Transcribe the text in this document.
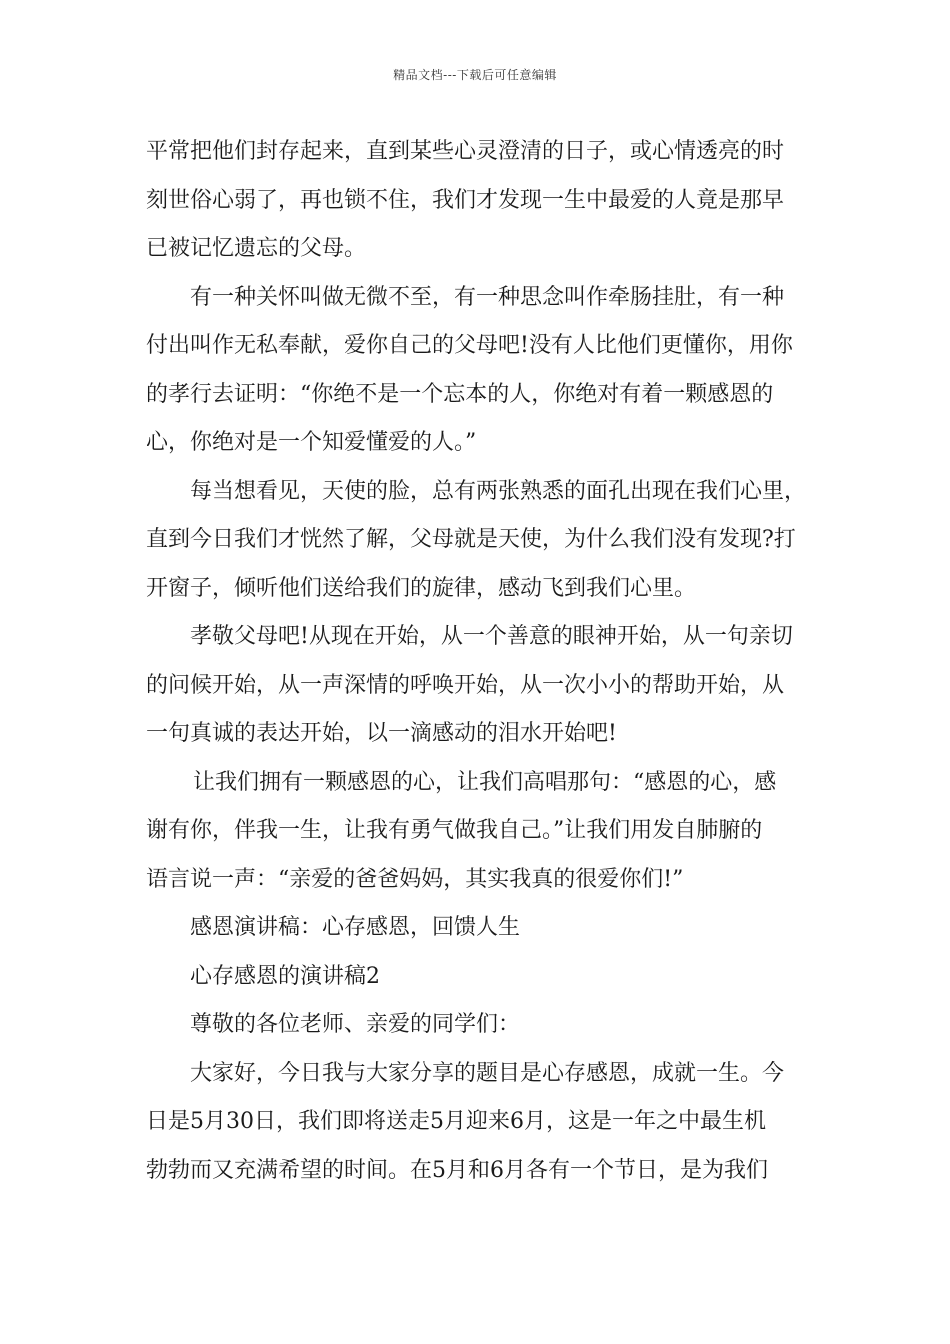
精品文档---下载后可任意编辑
平常把他们封存起来，直到某些心灵澄清的日子，或心情透亮的时
刻世俗心弱了，再也锁不住，我们才发现一生中最爱的人竟是那早
已被记忆遗忘的父母。
有一种关怀叫做无微不至，有一种思念叫作牵肠挂肚，有一种
付出叫作无私奉献，爱你自己的父母吧!没有人比他们更懂你，用你
的孝行去证明：“你绝不是一个忘本的人，你绝对有着一颗感恩的
心，你绝对是一个知爱懂爱的人。”
每当想看见，天使的脸，总有两张熟悉的面孔出现在我们心里，
直到今日我们才恍然了解，父母就是天使，为什么我们没有发现?打
开窗子，倾听他们送给我们的旋律，感动飞到我们心里。
孝敬父母吧!从现在开始，从一个善意的眼神开始，从一句亲切
的问候开始，从一声深情的呼唤开始，从一次小小的帮助开始，从
一句真诚的表达开始，以一滴感动的泪水开始吧!
让我们拥有一颗感恩的心，让我们高唱那句：“感恩的心，感
谢有你，伴我一生，让我有勇气做我自己。”让我们用发自肺腑的
语言说一声：“亲爱的爸爸妈妈，其实我真的很爱你们!”
感恩演讲稿：心存感恩，回馈人生
心存感恩的演讲稿2
尊敬的各位老师、亲爱的同学们：
大家好，今日我与大家分享的题目是心存感恩，成就一生。今
日是5月30日，我们即将送走5月迎来6月，这是一年之中最生机
勃勃而又充满希望的时间。在5月和6月各有一个节日，是为我们
